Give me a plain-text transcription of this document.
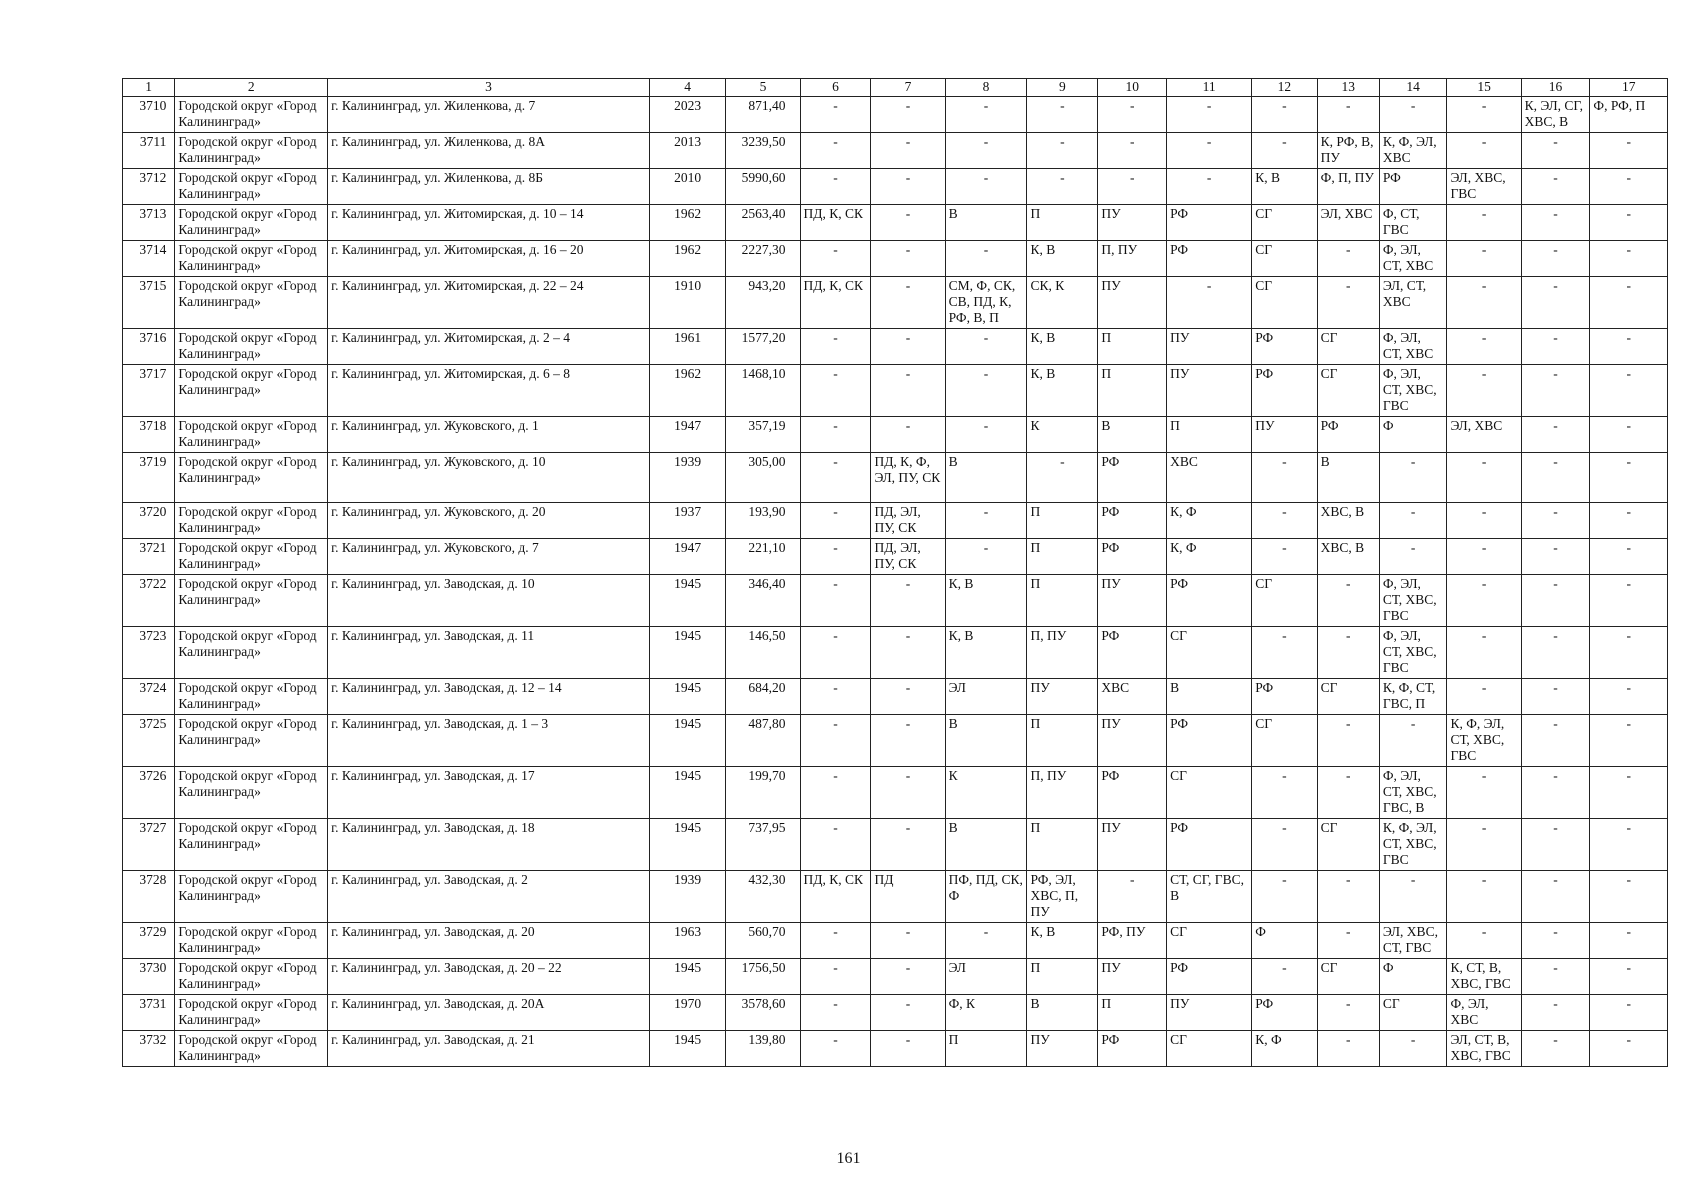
1	2	3	4	5	6	7	8	9	10	11	12	13	14	15	16	17
3710	Городской округ «Город Калининград»	г. Калининград, ул. Жиленкова, д. 7	2023	871,40	-	-	-	-	-	-	-	-	-	-	К, ЭЛ, СГ, ХВС, В	Ф, РФ, П
3711	Городской округ «Город Калининград»	г. Калининград, ул. Жиленкова, д. 8А	2013	3239,50	-	-	-	-	-	-	-	К, РФ, В, ПУ	К, Ф, ЭЛ, ХВС	-	-	-
3712	Городской округ «Город Калининград»	г. Калининград, ул. Жиленкова, д. 8Б	2010	5990,60	-	-	-	-	-	-	К, В	Ф, П, ПУ	РФ	ЭЛ, ХВС, ГВС	-	-
3713	Городской округ «Город Калининград»	г. Калининград, ул. Житомирская, д. 10 – 14	1962	2563,40	ПД, К, СК	-	В	П	ПУ	РФ	СГ	ЭЛ, ХВС	Ф, СТ, ГВС	-	-	-
3714	Городской округ «Город Калининград»	г. Калининград, ул. Житомирская, д. 16 – 20	1962	2227,30	-	-	-	К, В	П, ПУ	РФ	СГ	-	Ф, ЭЛ, СТ, ХВС	-	-	-
3715	Городской округ «Город Калининград»	г. Калининград, ул. Житомирская, д. 22 – 24	1910	943,20	ПД, К, СК	-	СМ, Ф, СК, СВ, ПД, К, РФ, В, П	СК, К	ПУ	-	СГ	-	ЭЛ, СТ, ХВС	-	-	-
3716	Городской округ «Город Калининград»	г. Калининград, ул. Житомирская, д. 2 – 4	1961	1577,20	-	-	-	К, В	П	ПУ	РФ	СГ	Ф, ЭЛ, СТ, ХВС	-	-	-
3717	Городской округ «Город Калининград»	г. Калининград, ул. Житомирская, д. 6 – 8	1962	1468,10	-	-	-	К, В	П	ПУ	РФ	СГ	Ф, ЭЛ, СТ, ХВС, ГВС	-	-	-
3718	Городской округ «Город Калининград»	г. Калининград, ул. Жуковского, д. 1	1947	357,19	-	-	-	К	В	П	ПУ	РФ	Ф	ЭЛ, ХВС	-	-
3719	Городской округ «Город Калининград»	г. Калининград, ул. Жуковского, д. 10	1939	305,00	-	ПД, К, Ф, ЭЛ, ПУ, СК	В	-	РФ	ХВС	-	В	-	-	-	-
3720	Городской округ «Город Калининград»	г. Калининград, ул. Жуковского, д. 20	1937	193,90	-	ПД, ЭЛ, ПУ, СК	-	П	РФ	К, Ф	-	ХВС, В	-	-	-	-
3721	Городской округ «Город Калининград»	г. Калининград, ул. Жуковского, д. 7	1947	221,10	-	ПД, ЭЛ, ПУ, СК	-	П	РФ	К, Ф	-	ХВС, В	-	-	-	-
3722	Городской округ «Город Калининград»	г. Калининград, ул. Заводская, д. 10	1945	346,40	-	-	К, В	П	ПУ	РФ	СГ	-	Ф, ЭЛ, СТ, ХВС, ГВС	-	-	-
3723	Городской округ «Город Калининград»	г. Калининград, ул. Заводская, д. 11	1945	146,50	-	-	К, В	П, ПУ	РФ	СГ	-	-	Ф, ЭЛ, СТ, ХВС, ГВС	-	-	-
3724	Городской округ «Город Калининград»	г. Калининград, ул. Заводская, д. 12 – 14	1945	684,20	-	-	ЭЛ	ПУ	ХВС	В	РФ	СГ	К, Ф, СТ, ГВС, П	-	-	-
3725	Городской округ «Город Калининград»	г. Калининград, ул. Заводская, д. 1 – 3	1945	487,80	-	-	В	П	ПУ	РФ	СГ	-	-	К, Ф, ЭЛ, СТ, ХВС, ГВС	-	-
3726	Городской округ «Город Калининград»	г. Калининград, ул. Заводская, д. 17	1945	199,70	-	-	К	П, ПУ	РФ	СГ	-	-	Ф, ЭЛ, СТ, ХВС, ГВС, В	-	-	-
3727	Городской округ «Город Калининград»	г. Калининград, ул. Заводская, д. 18	1945	737,95	-	-	В	П	ПУ	РФ	-	СГ	К, Ф, ЭЛ, СТ, ХВС, ГВС	-	-	-
3728	Городской округ «Город Калининград»	г. Калининград, ул. Заводская, д. 2	1939	432,30	ПД, К, СК	ПД	ПФ, ПД, СК, Ф	РФ, ЭЛ, ХВС, П, ПУ	-	СТ, СГ, ГВС, В	-	-	-	-	-	-
3729	Городской округ «Город Калининград»	г. Калининград, ул. Заводская, д. 20	1963	560,70	-	-	-	К, В	РФ, ПУ	СГ	Ф	-	ЭЛ, ХВС, СТ, ГВС	-	-	-
3730	Городской округ «Город Калининград»	г. Калининград, ул. Заводская, д. 20 – 22	1945	1756,50	-	-	ЭЛ	П	ПУ	РФ	-	СГ	Ф	К, СТ, В, ХВС, ГВС	-	-
3731	Городской округ «Город Калининград»	г. Калининград, ул. Заводская, д. 20А	1970	3578,60	-	-	Ф, К	В	П	ПУ	РФ	-	СГ	Ф, ЭЛ, ХВС	-	-
3732	Городской округ «Город Калининград»	г. Калининград, ул. Заводская, д. 21	1945	139,80	-	-	П	ПУ	РФ	СГ	К, Ф	-	-	ЭЛ, СТ, В, ХВС, ГВС	-	-
161
